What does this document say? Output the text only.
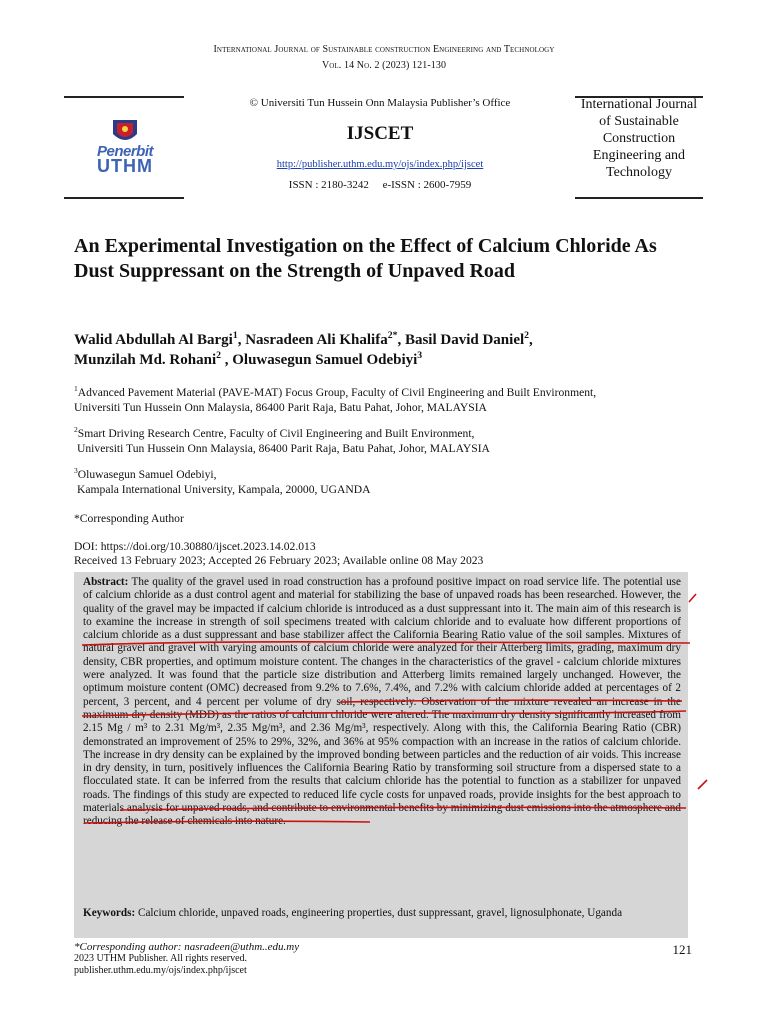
International Journal of Sustainable construction Engineering and Technology
Vol. 14 No. 2 (2023) 121-130
Penerbit
UTHM
© Universiti Tun Hussein Onn Malaysia Publisher’s Office
IJSCET
http://publisher.uthm.edu.my/ojs/index.php/ijscet
ISSN : 2180-3242     e-ISSN : 2600-7959
International Journal of Sustainable Construction Engineering and Technology
An Experimental Investigation on the Effect of Calcium Chloride As Dust Suppressant on the Strength of Unpaved Road
Walid Abdullah Al Bargi$^1$, Nasradeen Ali Khalifa$^{2*}$, Basil David Daniel$^2$,
Munzilah Md. Rohani$^2$ , Oluwasegun Samuel Odebiyi$^3$
$^1$Advanced Pavement Material (PAVE-MAT) Focus Group, Faculty of Civil Engineering and Built Environment,
Universiti Tun Hussein Onn Malaysia, 86400 Parit Raja, Batu Pahat, Johor, MALAYSIA
$^2$Smart Driving Research Centre, Faculty of Civil Engineering and Built Environment,
Universiti Tun Hussein Onn Malaysia, 86400 Parit Raja, Batu Pahat, Johor, MALAYSIA
$^3$Oluwasegun Samuel Odebiyi,
Kampala International University, Kampala, 20000, UGANDA
*Corresponding Author
DOI: https://doi.org/10.30880/ijscet.2023.14.02.013
Received 13 February 2023; Accepted 26 February 2023; Available online 08 May 2023
Abstract: The quality of the gravel used in road construction has a profound positive impact on road service life. The potential use of calcium chloride as a dust control agent and material for stabilizing the base of unpaved roads has been researched. However, the quality of the gravel may be impacted if calcium chloride is introduced as a dust suppressant into it. The main aim of this research is to examine the increase in strength of soil specimens treated with calcium chloride and to evaluate how different proportions of calcium chloride as a dust suppressant and base stabilizer affect the California Bearing Ratio value of the soil samples. Mixtures of natural gravel and gravel with varying amounts of calcium chloride were analyzed for their Atterberg limits, grading, maximum dry density, CBR properties, and optimum moisture content. The changes in the characteristics of the gravel - calcium chloride mixtures were analyzed. It was found that the particle size distribution and Atterberg limits remained largely unchanged. However, the optimum moisture content (OMC) decreased from 9.2% to 7.6%, 7.4%, and 7.2% with calcium chloride added at percentages of 2 percent, 3 percent, and 4 percent per volume of dry soil, respectively. Observation of the mixture revealed an increase in the maximum dry density (MDD) as the ratios of calcium chloride were altered. The maximum dry density significantly increased from 2.15 Mg / m³ to 2.31 Mg/m³, 2.35 Mg/m³, and 2.36 Mg/m³, respectively. Along with this, the California Bearing Ratio (CBR) demonstrated an improvement of 25% to 29%, 32%, and 36% at 95% compaction with an increase in the ratios of calcium chloride. The increase in dry density can be explained by the improved bonding between particles and the reduction of air voids. This increase in dry density, in turn, positively influences the California Bearing Ratio by transforming soil structure from a dispersed state to a flocculated state. It can be inferred from the results that calcium chloride has the potential to function as a stabilizer for unpaved roads. The findings of this study are expected to reduced life cycle costs for unpaved roads, provide insights for the best approach to materials analysis for unpaved roads, and contribute to environmental benefits by minimizing dust emissions into the atmosphere and reducing the release of chemicals into nature.
Keywords: Calcium chloride, unpaved roads, engineering properties, dust suppressant, gravel, lignosulphonate, Uganda
*Corresponding author: nasradeen@uthm..edu.my
2023 UTHM Publisher. All rights reserved.
publisher.uthm.edu.my/ojs/index.php/ijscet
121
